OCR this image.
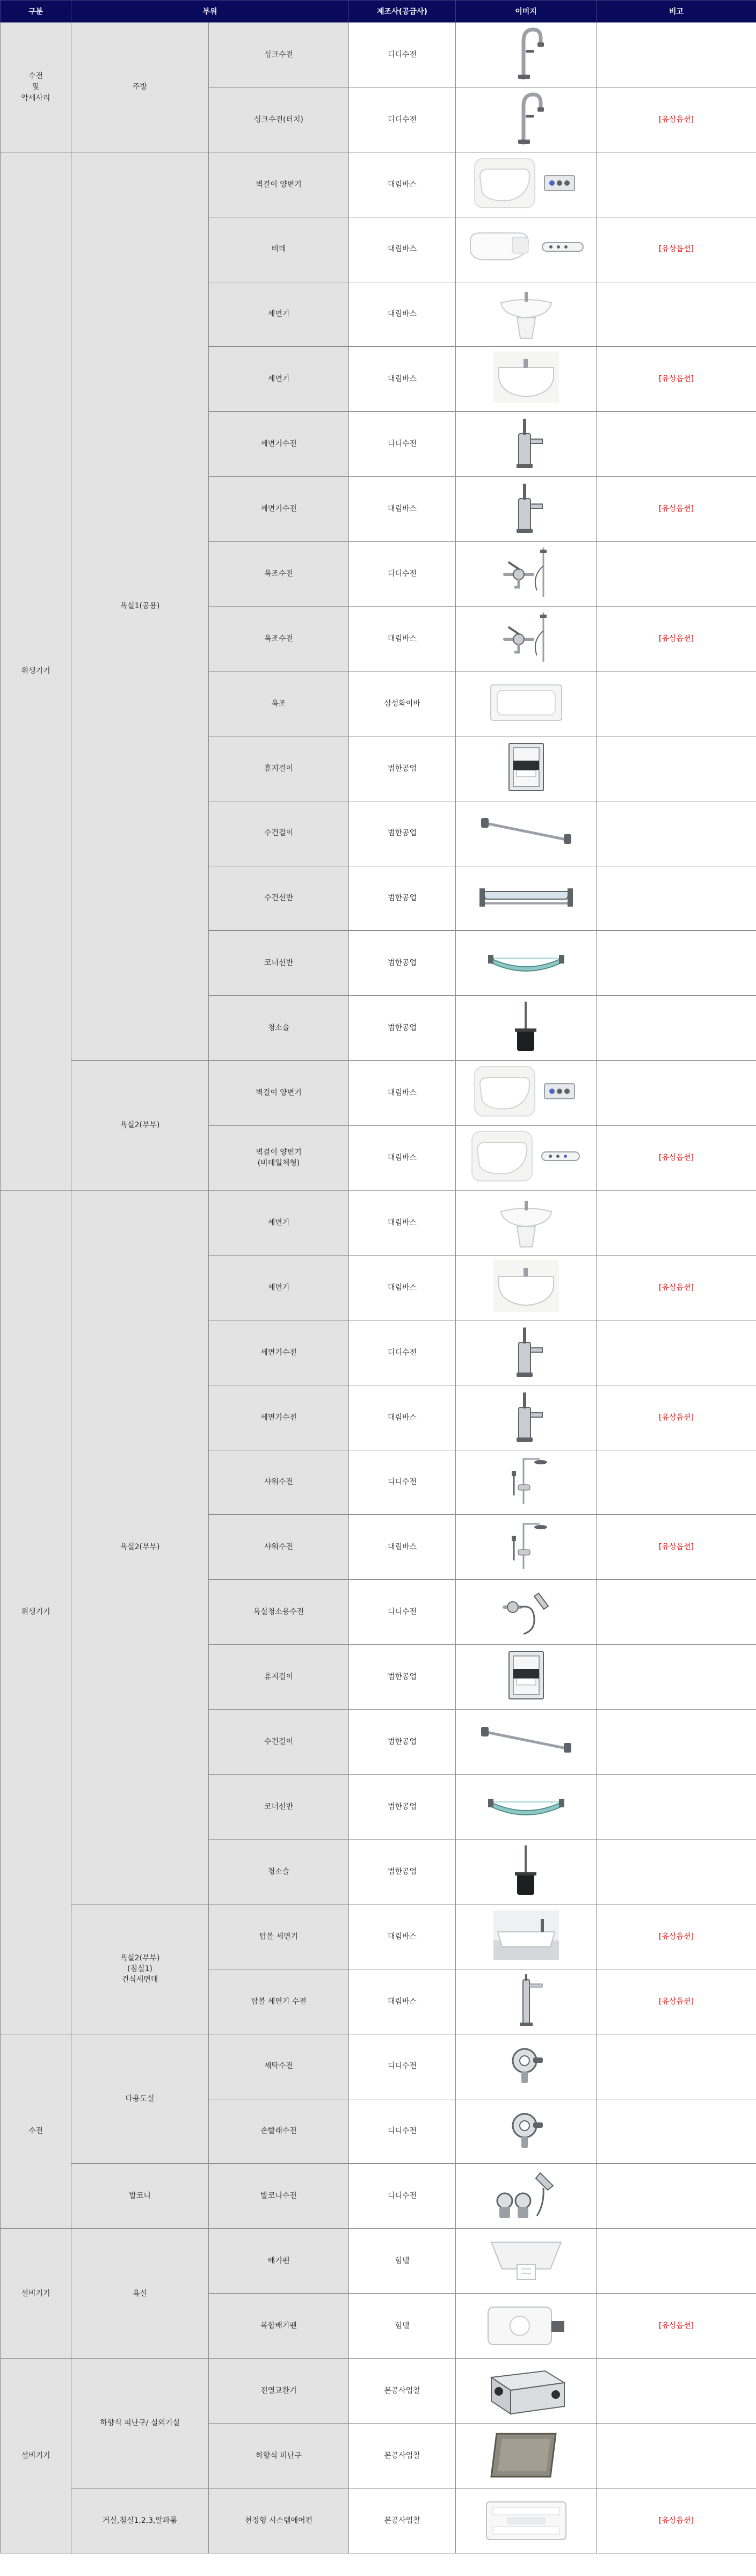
구분	부위		제조사(공급사)	이미지	비고
수전
및
악세사리	주방	싱크수전	디디수전	

		싱크수전(터치)	디디수전		[유상옵션]
위생기기	욕실1(공용)	벽걸이 양변기	대림바스	

		비데	대림바스		[유상옵션]
		세면기	대림바스	

		세면기	대림바스		[유상옵션]
		세면기수전	디디수전	

		세면기수전	대림바스		[유상옵션]
		욕조수전	디디수전	

		욕조수전	대림바스		[유상옵션]
		욕조	삼성화이바	

		휴지걸이	범한공업	

		수건걸이	범한공업	

		수건선반	범한공업	

		코너선반	범한공업	

		청소솔	범한공업	

	욕실2(부부)	벽걸이 양변기	대림바스	

		벽걸이 양변기
(비데일체형)	대림바스		[유상옵션]
위생기기	욕실2(부부)	세면기	대림바스	

		세면기	대림바스		[유상옵션]
		세면기수전	디디수전	

		세면기수전	대림바스		[유상옵션]
		샤워수전	디디수전	

		샤워수전	대림바스		[유상옵션]
		욕실청소용수전	디디수전	

		휴지걸이	범한공업	

		수건걸이	범한공업	

		코너선반	범한공업	

		청소솔	범한공업	

	욕실2(부부)
(침실1)
건식세면대	탑볼 세면기	대림바스		[유상옵션]
		탑볼 세면기 수전	대림바스		[유상옵션]
수전	다용도실	세탁수전	디디수전	

		손빨래수전	디디수전	

	발코니	발코니수전	디디수전	

설비기기	욕실	배기팬	힘델	

		복합배기팬	힘델		[유상옵션]
설비기기	하향식 피난구/ 실외기실	전열교환기	본공사입찰	

		하향식 피난구	본공사입찰	

	거실,침실1,2,3,알파룸	천정형 시스템에어컨	본공사입찰		[유상옵션]
